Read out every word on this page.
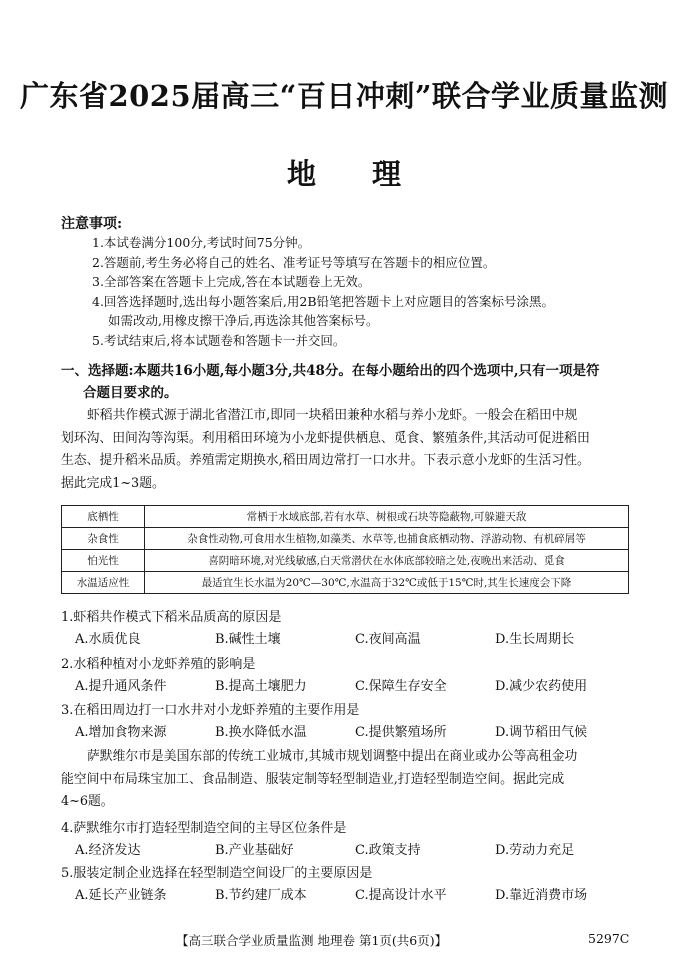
广东省2025届高三“百日冲刺”联合学业质量监测
地 理
注意事项:
1.本试卷满分100分,考试时间75分钟。
2.答题前,考生务必将自己的姓名、准考证号等填写在答题卡的相应位置。
3.全部答案在答题卡上完成,答在本试题卷上无效。
4.回答选择题时,选出每小题答案后,用2B铅笔把答题卡上对应题目的答案标号涂黑。
如需改动,用橡皮擦干净后,再选涂其他答案标号。
5.考试结束后,将本试题卷和答题卡一并交回。
一、选择题:本题共16小题,每小题3分,共48分。在每小题给出的四个选项中,只有一项是符
合题目要求的。
虾稻共作模式源于湖北省潜江市,即同一块稻田兼种水稻与养小龙虾。一般会在稻田中规
划环沟、田间沟等沟渠。利用稻田环境为小龙虾提供栖息、觅食、繁殖条件,其活动可促进稻田
生态、提升稻米品质。养殖需定期换水,稻田周边常打一口水井。下表示意小龙虾的生活习性。
据此完成1~3题。
底栖性	常栖于水域底部,若有水草、树根或石块等隐蔽物,可躲避天敌
杂食性	杂食性动物,可食用水生植物,如藻类、水草等,也捕食底栖动物、浮游动物、有机碎屑等
怕光性	喜阴暗环境,对光线敏感,白天常潜伏在水体底部较暗之处,夜晚出来活动、觅食
水温适应性	最适宜生长水温为20℃—30℃,水温高于32℃或低于15℃时,其生长速度会下降
1.虾稻共作模式下稻米品质高的原因是
A.水质优良	B.碱性土壤	C.夜间高温	D.生长周期长
2.水稻种植对小龙虾养殖的影响是
A.提升通风条件	B.提高土壤肥力	C.保障生存安全	D.减少农药使用
3.在稻田周边打一口水井对小龙虾养殖的主要作用是
A.增加食物来源	B.换水降低水温	C.提供繁殖场所	D.调节稻田气候
萨默维尔市是美国东部的传统工业城市,其城市规划调整中提出在商业或办公等高租金功
能空间中布局珠宝加工、食品制造、服装定制等轻型制造业,打造轻型制造空间。据此完成
4~6题。
4.萨默维尔市打造轻型制造空间的主导区位条件是
A.经济发达	B.产业基础好	C.政策支持	D.劳动力充足
5.服装定制企业选择在轻型制造空间设厂的主要原因是
A.延长产业链条	B.节约建厂成本	C.提高设计水平	D.靠近消费市场
【高三联合学业质量监测 地理卷 第1页(共6页)】	5297C
